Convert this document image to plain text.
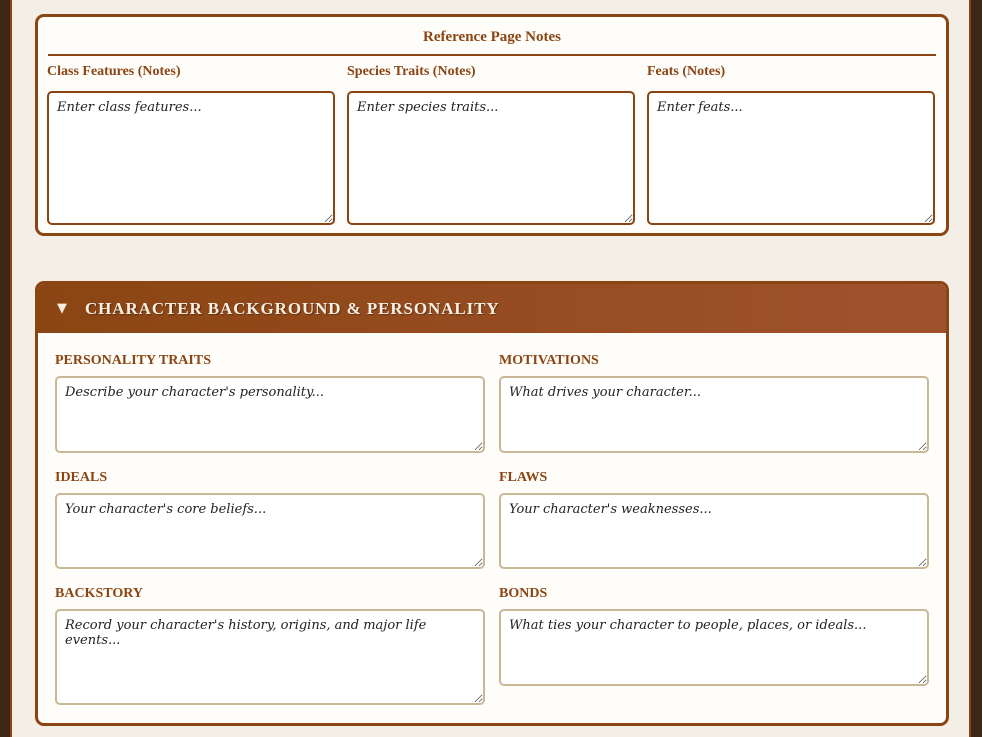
Reference Page Notes
Class Features (Notes)
Enter class features...	Species Traits (Notes)
Enter species traits...	Feats (Notes)
Enter feats...
▼	CHARACTER BACKGROUND & PERSONALITY
PERSONALITY TRAITS
Describe your character's personality...	MOTIVATIONS
What drives your character...
IDEALS
Your character's core beliefs...	FLAWS
Your character's weaknesses...
BACKSTORY
Record your character's history, origins, and major life events...	BONDS
What ties your character to people, places, or ideals...
